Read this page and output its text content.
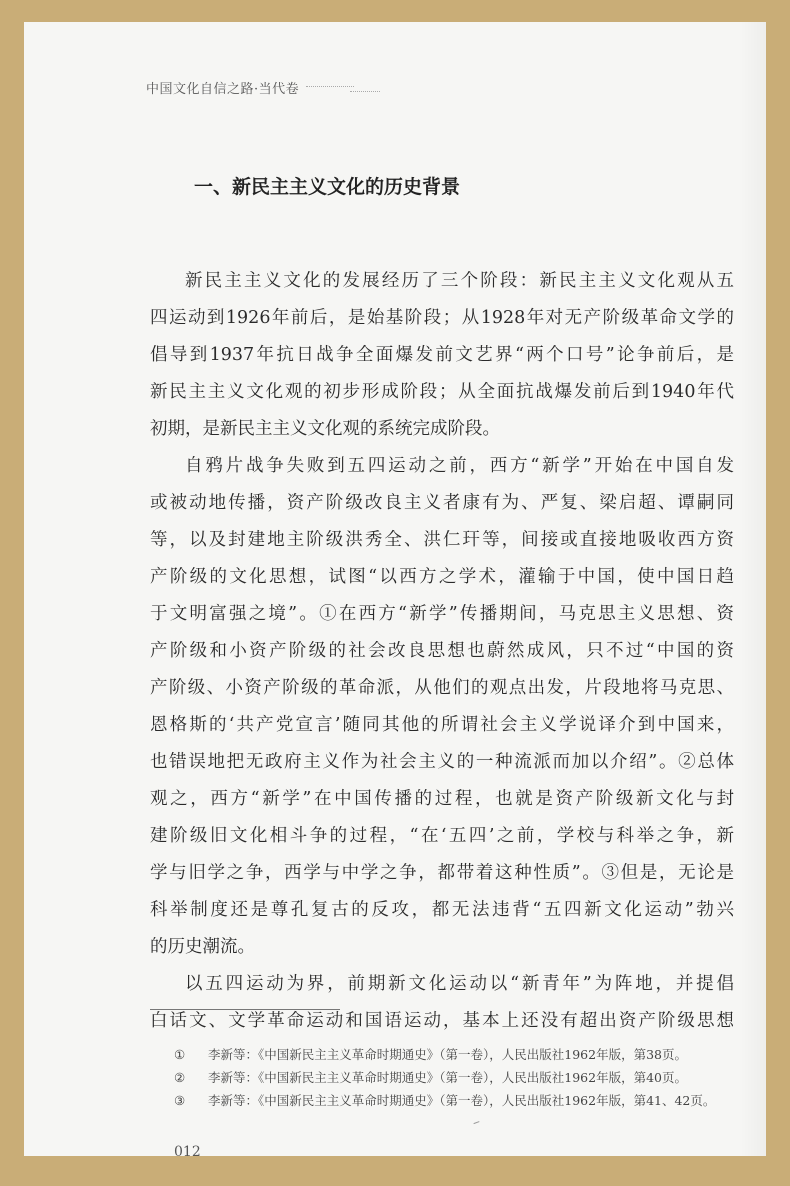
中国文化自信之路·当代卷
一、新民主主义文化的历史背景
新民主主义文化的发展经历了三个阶段：新民主主义文化观从五
四运动到1926年前后，是始基阶段；从1928年对无产阶级革命文学的
倡导到1937年抗日战争全面爆发前文艺界“两个口号”论争前后，是
新民主主义文化观的初步形成阶段；从全面抗战爆发前后到1940年代
初期，是新民主主义文化观的系统完成阶段。
自鸦片战争失败到五四运动之前，西方“新学”开始在中国自发
或被动地传播，资产阶级改良主义者康有为、严复、梁启超、谭嗣同
等，以及封建地主阶级洪秀全、洪仁玕等，间接或直接地吸收西方资
产阶级的文化思想，试图“以西方之学术，灌输于中国，使中国日趋
于文明富强之境”。①在西方“新学”传播期间，马克思主义思想、资
产阶级和小资产阶级的社会改良思想也蔚然成风，只不过“中国的资
产阶级、小资产阶级的革命派，从他们的观点出发，片段地将马克思、
恩格斯的‘共产党宣言’随同其他的所谓社会主义学说译介到中国来，
也错误地把无政府主义作为社会主义的一种流派而加以介绍”。②总体
观之，西方“新学”在中国传播的过程，也就是资产阶级新文化与封
建阶级旧文化相斗争的过程，“在‘五四’之前，学校与科举之争，新
学与旧学之争，西学与中学之争，都带着这种性质”。③但是，无论是
科举制度还是尊孔复古的反攻，都无法违背“五四新文化运动”勃兴
的历史潮流。
以五四运动为界，前期新文化运动以“新青年”为阵地，并提倡
白话文、文学革命运动和国语运动，基本上还没有超出资产阶级思想
① 李新等：《中国新民主主义革命时期通史》（第一卷），人民出版社1962年版，第38页。
② 李新等：《中国新民主主义革命时期通史》（第一卷），人民出版社1962年版，第40页。
③ 李新等：《中国新民主主义革命时期通史》（第一卷），人民出版社1962年版，第41、42页。
012
